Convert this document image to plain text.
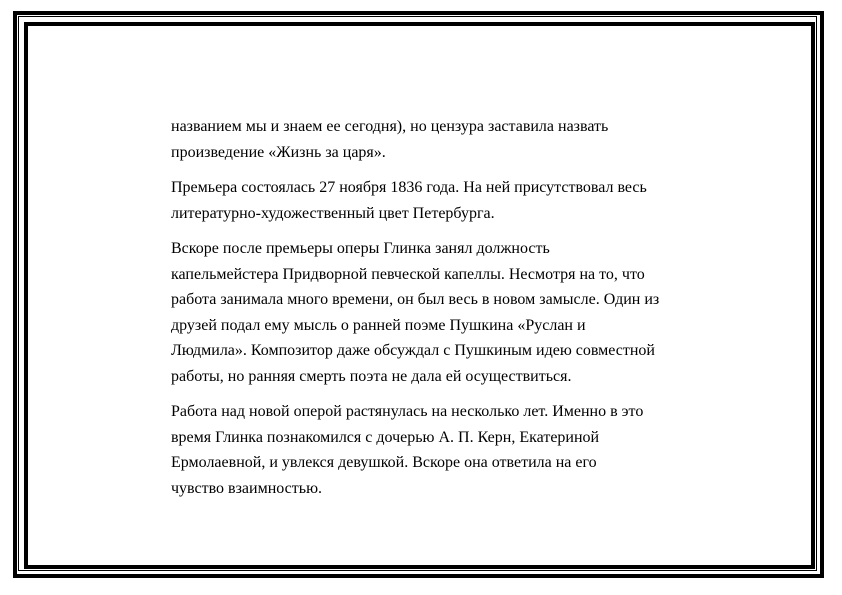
названием мы и знаем ее сегодня), но цензура заставила назвать
произведение «Жизнь за царя».

Премьера состоялась 27 ноября 1836 года. На ней присутствовал весь
литературно-художественный цвет Петербурга.

Вскоре после премьеры оперы Глинка занял должность
капельмейстера Придворной певческой капеллы. Несмотря на то, что
работа занимала много времени, он был весь в новом замысле. Один из
друзей подал ему мысль о ранней поэме Пушкина «Руслан и
Людмила». Композитор даже обсуждал с Пушкиным идею совместной
работы, но ранняя смерть поэта не дала ей осуществиться.

Работа над новой оперой растянулась на несколько лет. Именно в это
время Глинка познакомился с дочерью А. П. Керн, Екатериной
Ермолаевной, и увлекся девушкой. Вскоре она ответила на его
чувство взаимностью.
